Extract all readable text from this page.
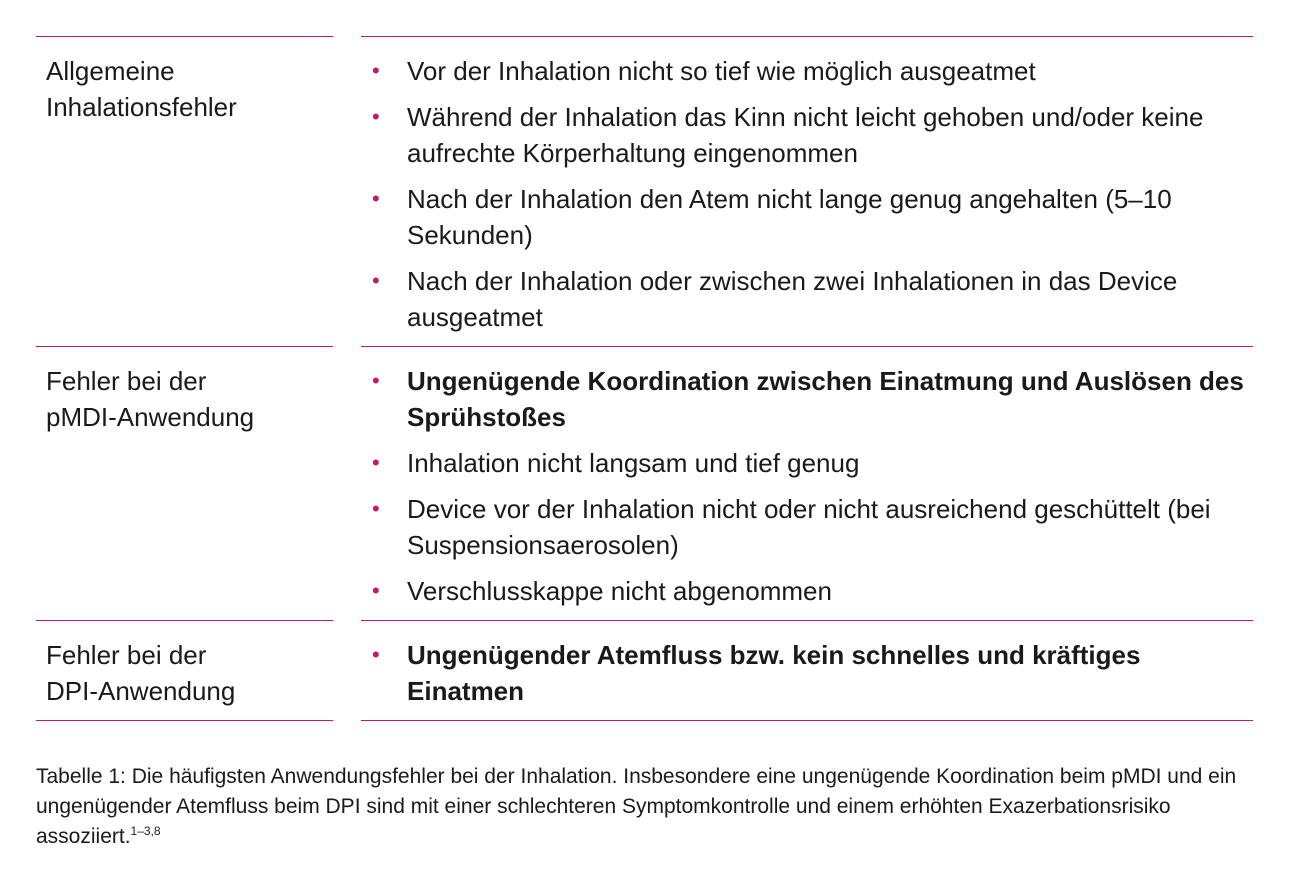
Allgemeine
Inhalationsfehler
• Vor der Inhalation nicht so tief wie möglich ausgeatmet
• Während der Inhalation das Kinn nicht leicht gehoben und/oder keine aufrechte Körperhaltung eingenommen
• Nach der Inhalation den Atem nicht lange genug angehalten (5–10 Sekunden)
• Nach der Inhalation oder zwischen zwei Inhalationen in das Device ausgeatmet
Fehler bei der
pMDI-Anwendung
• Ungenügende Koordination zwischen Einatmung und Auslösen des Sprühstoßes
• Inhalation nicht langsam und tief genug
• Device vor der Inhalation nicht oder nicht ausreichend geschüttelt (bei Suspensionsaerosolen)
• Verschlusskappe nicht abgenommen
Fehler bei der
DPI-Anwendung
• Ungenügender Atemfluss bzw. kein schnelles und kräftiges Einatmen
Tabelle 1: Die häufigsten Anwendungsfehler bei der Inhalation. Insbesondere eine ungenügende Koordination beim pMDI und ein ungenügender Atemfluss beim DPI sind mit einer schlechteren Symptomkontrolle und einem erhöhten Exazerbationsrisiko assoziiert.$^{1-3,8}$
